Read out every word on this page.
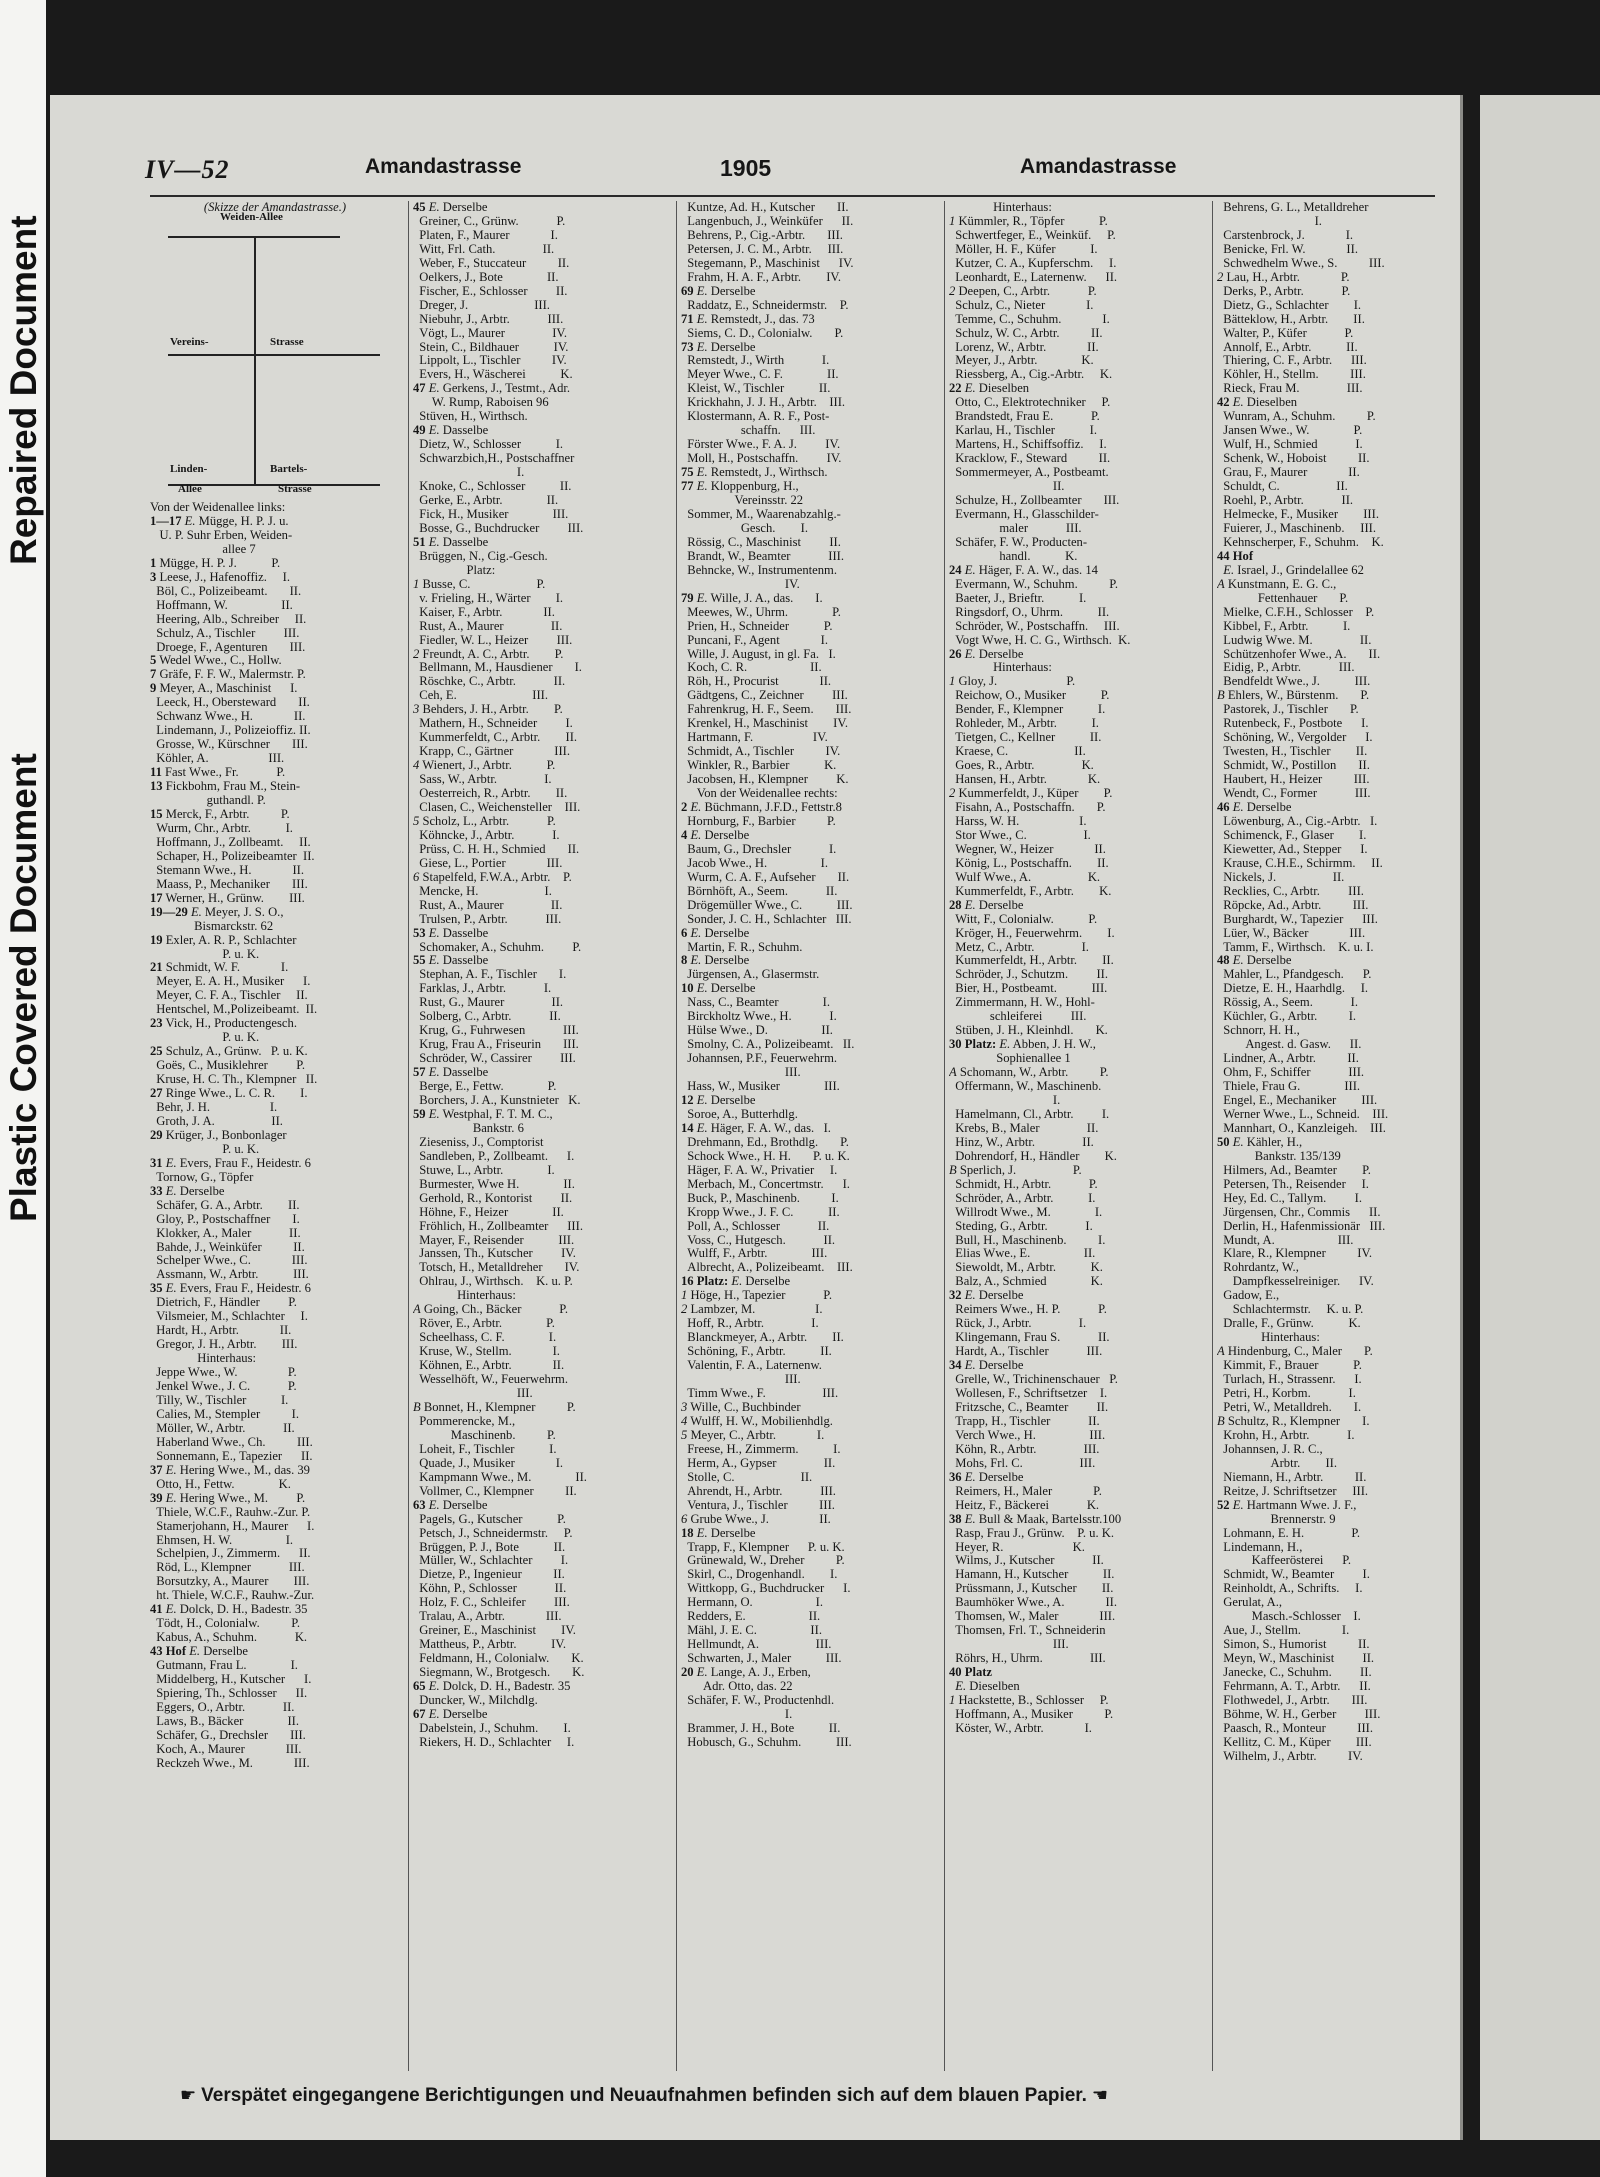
Repaired Document
Plastic Covered Document
IV—52	Amandastrasse	1905	Amandastrasse
(Skizze der Amandastrasse.)
Weiden-Allee
Vereins-	Strasse
Linden-	Bartels-
Allee	Strasse
Von der Weidenallee links:
1—17 E. Mügge, H. P. J. u.
U. P. Suhr Erben, Weiden-
allee 7
1 Mügge, H. P. J.           P.
3 Leese, J., Hafenoffiz.     I.
Böl, C., Polizeibeamt.       II.
Hoffmann, W.                 II.
Heering, Alb., Schreiber     II.
Schulz, A., Tischler         III.
Droege, F., Agenturen       III.
5 Wedel Wwe., C., Hollw.
7 Gräfe, F. F. W., Malermstr. P.
9 Meyer, A., Maschinist      I.
Leeck, H., Obersteward       II.
Schwanz Wwe., H.             II.
Lindemann, J., Polizeioffiz. II.
Grosse, W., Kürschner       III.
Köhler, A.                   III.
11 Fast Wwe., Fr.            P.
13 Fickbohm, Frau M., Stein-
guthandl. P.
15 Merck, F., Arbtr.          P.
Wurm, Chr., Arbtr.           I.
Hoffmann, J., Zollbeamt.     II.
Schaper, H., Polizeibeamter  II.
Stemann Wwe., H.             II.
Maass, P., Mechaniker       III.
17 Werner, H., Grünw.        III.
19—29 E. Meyer, J. S. O.,
Bismarckstr. 62
19 Exler, A. R. P., Schlachter
P. u. K.
21 Schmidt, W. F.             I.
Meyer, E. A. H., Musiker      I.
Meyer, C. F. A., Tischler     II.
Hentschel, M.,Polizeibeamt.  II.
23 Vick, H., Productengesch.
P. u. K.
25 Schulz, A., Grünw.   P. u. K.
Goës, C., Musiklehrer         P.
Kruse, H. C. Th., Klempner   II.
27 Ringe Wwe., L. C. R.        I.
Behr, J. H.                   I.
Groth, J. A.                  II.
29 Krüger, J., Bonbonlager
P. u. K.
31 E. Evers, Frau F., Heidestr. 6
Tornow, G., Töpfer
33 E. Derselbe
Schäfer, G. A., Arbtr.        II.
Gloy, P., Postschaffner       I.
Klokker, A., Maler            II.
Bahde, J., Weinküfer          II.
Schelper Wwe., C.             III.
Assmann, W., Arbtr.           III.
35 E. Evers, Frau F., Heidestr. 6
Dietrich, F., Händler         P.
Vilsmeier, M., Schlachter     I.
Hardt, H., Arbtr.             II.
Gregor, J. H., Arbtr.        III.
Hinterhaus:
Jeppe Wwe., W.                P.
Jenkel Wwe., J. C.            P.
Tilly, W., Tischler           I.
Calies, M., Stempler          I.
Möller, W., Arbtr.            II.
Haberland Wwe., Ch.          III.
Sonnemann, E., Tapezier      II.
37 E. Hering Wwe., M., das. 39
Otto, H., Fettw.              K.
39 E. Hering Wwe., M.         P.
Thiele, W.C.F., Rauhw.-Zur. P.
Stamerjohann, H., Maurer      I.
Ehmsen, H. W.                 I.
Schelpien, J., Zimmerm.      II.
Röd, L., Klempner            III.
Borsutzky, A., Maurer        III.
ht. Thiele, W.C.F., Rauhw.-Zur.
41 E. Dolck, D. H., Badestr. 35
Tödt, H., Colonialw.          P.
Kabus, A., Schuhm.            K.
43 Hof E. Derselbe
Gutmann, Frau L.              I.
Middelberg, H., Kutscher      I.
Spiering, Th., Schlosser      II.
Eggers, O., Arbtr.            II.
Laws, B., Bäcker              II.
Schäfer, G., Drechsler       III.
Koch, A., Maurer             III.
Reckzeh Wwe., M.             III.
45 E. Derselbe
Greiner, C., Grünw.            P.
Platen, F., Maurer             I.
Witt, Frl. Cath.               II.
Weber, F., Stuccateur          II.
Oelkers, J., Bote              II.
Fischer, E., Schlosser         II.
Dreger, J.                     III.
Niebuhr, J., Arbtr.            III.
Vögt, L., Maurer               IV.
Stein, C., Bildhauer           IV.
Lippolt, L., Tischler          IV.
Evers, H., Wäscherei           K.
47 E. Gerkens, J., Testmt., Adr.
W. Rump, Raboisen 96
Stüven, H., Wirthsch.
49 E. Dasselbe
Dietz, W., Schlosser           I.
Schwarzbich,H., Postschaffner
I.
Knoke, C., Schlosser           II.
Gerke, E., Arbtr.              II.
Fick, H., Musiker              III.
Bosse, G., Buchdrucker         III.
51 E. Dasselbe
Brüggen, N., Cig.-Gesch.
Platz:
1 Busse, C.                     P.
v. Frieling, H., Wärter        I.
Kaiser, F., Arbtr.             II.
Rust, A., Maurer               II.
Fiedler, W. L., Heizer         III.
2 Freundt, A. C., Arbtr.        P.
Bellmann, M., Hausdiener       I.
Röschke, C., Arbtr.            II.
Ceh, E.                        III.
3 Behders, J. H., Arbtr.        P.
Mathern, H., Schneider         I.
Kummerfeldt, C., Arbtr.        II.
Krapp, C., Gärtner             III.
4 Wienert, J., Arbtr.           P.
Sass, W., Arbtr.               I.
Oesterreich, R., Arbtr.        II.
Clasen, C., Weichensteller    III.
5 Scholz, L., Arbtr.            P.
Köhncke, J., Arbtr.            I.
Prüss, C. H. H., Schmied       II.
Giese, L., Portier             III.
6 Stapelfeld, F.W.A., Arbtr.    P.
Mencke, H.                     I.
Rust, A., Maurer               II.
Trulsen, P., Arbtr.            III.
53 E. Dasselbe
Schomaker, A., Schuhm.         P.
55 E. Dasselbe
Stephan, A. F., Tischler       I.
Farklas, J., Arbtr.            I.
Rust, G., Maurer               II.
Solberg, C., Arbtr.            II.
Krug, G., Fuhrwesen            III.
Krug, Frau A., Friseurin       III.
Schröder, W., Cassirer         III.
57 E. Dasselbe
Berge, E., Fettw.              P.
Borchers, J. A., Kunstnieter   K.
59 E. Westphal, F. T. M. C.,
Bankstr. 6
Zieseniss, J., Comptorist
Sandleben, P., Zollbeamt.      I.
Stuwe, L., Arbtr.              I.
Burmester, Wwe H.              II.
Gerhold, R., Kontorist         II.
Höhne, F., Heizer              II.
Fröhlich, H., Zollbeamter      III.
Mayer, F., Reisender           III.
Janssen, Th., Kutscher         IV.
Totsch, H., Metalldreher       IV.
Ohlrau, J., Wirthsch.    K. u. P.
Hinterhaus:
A Going, Ch., Bäcker            P.
Röver, E., Arbtr.              P.
Scheelhass, C. F.              I.
Kruse, W., Stellm.             I.
Köhnen, E., Arbtr.             II.
Wesselhöft, W., Feuerwehrm.
III.
B Bonnet, H., Klempner          P.
Pommerencke, M.,
Maschinenb.          P.
Loheit, F., Tischler           I.
Quade, J., Musiker             I.
Kampmann Wwe., M.              II.
Vollmer, C., Klempner          II.
63 E. Derselbe
Pagels, G., Kutscher           P.
Petsch, J., Schneidermstr.     P.
Brüggen, P. J., Bote           II.
Müller, W., Schlachter         I.
Dietze, P., Ingenieur          II.
Köhn, P., Schlosser            II.
Holz, F. C., Schleifer         III.
Tralau, A., Arbtr.             III.
Greiner, E., Maschinist        IV.
Mattheus, P., Arbtr.           IV.
Feldmann, H., Colonialw.       K.
Siegmann, W., Brotgesch.       K.
65 E. Dolck, D. H., Badestr. 35
Duncker, W., Milchdlg.
67 E. Derselbe
Dabelstein, J., Schuhm.        I.
Riekers, H. D., Schlachter     I.
Kuntze, Ad. H., Kutscher       II.
Langenbuch, J., Weinküfer      II.
Behrens, P., Cig.-Arbtr.       III.
Petersen, J. C. M., Arbtr.     III.
Stegemann, P., Maschinist      IV.
Frahm, H. A. F., Arbtr.        IV.
69 E. Derselbe
Raddatz, E., Schneidermstr.    P.
71 E. Remstedt, J., das. 73
Siems, C. D., Colonialw.       P.
73 E. Derselbe
Remstedt, J., Wirth            I.
Meyer Wwe., C. F.              II.
Kleist, W., Tischler           II.
Krickhahn, J. J. H., Arbtr.    III.
Klostermann, A. R. F., Post-
schaffn.      III.
Förster Wwe., F. A. J.         IV.
Moll, H., Postschaffn.         IV.
75 E. Remstedt, J., Wirthsch.
77 E. Kloppenburg, H.,
Vereinsstr. 22
Sommer, M., Waarenabzahlg.-
Gesch.        I.
Rössig, C., Maschinist         II.
Brandt, W., Beamter            III.
Behncke, W., Instrumentenm.
IV.
79 E. Wille, J. A., das.       I.
Meewes, W., Uhrm.              P.
Prien, H., Schneider           P.
Puncani, F., Agent             I.
Wille, J. August, in gl. Fa.   I.
Koch, C. R.                    II.
Röh, H., Procurist             II.
Gädtgens, C., Zeichner         III.
Fahrenkrug, H. F., Seem.       III.
Krenkel, H., Maschinist        IV.
Hartmann, F.                   IV.
Schmidt, A., Tischler          IV.
Winkler, R., Barbier           K.
Jacobsen, H., Klempner         K.
Von der Weidenallee rechts:
2 E. Büchmann, J.F.D., Fettstr.8
Hornburg, F., Barbier          P.
4 E. Derselbe
Baum, G., Drechsler            I.
Jacob Wwe., H.                 I.
Wurm, C. A. F., Aufseher       II.
Börnhöft, A., Seem.            II.
Drögemüller Wwe., C.           III.
Sonder, J. C. H., Schlachter   III.
6 E. Derselbe
Martin, F. R., Schuhm.
8 E. Derselbe
Jürgensen, A., Glasermstr.
10 E. Derselbe
Nass, C., Beamter              I.
Birckholtz Wwe., H.            I.
Hülse Wwe., D.                 II.
Smolny, C. A., Polizeibeamt.   II.
Johannsen, P.F., Feuerwehrm.
III.
Hass, W., Musiker              III.
12 E. Derselbe
Soroe, A., Butterhdlg.
14 E. Häger, F. A. W., das.   I.
Drehmann, Ed., Brothdlg.       P.
Schock Wwe., H. H.       P. u. K.
Häger, F. A. W., Privatier     I.
Merbach, M., Concertmstr.      I.
Buck, P., Maschinenb.          I.
Kropp Wwe., J. F. C.           II.
Poll, A., Schlosser            II.
Voss, C., Hutgesch.            II.
Wulff, F., Arbtr.              III.
Albrecht, A., Polizeibeamt.    III.
16 Platz: E. Derselbe
1 Höge, H., Tapezier            P.
2 Lambzer, M.                   I.
Hoff, R., Arbtr.               I.
Blanckmeyer, A., Arbtr.        II.
Schöning, F., Arbtr.           II.
Valentin, F. A., Laternenw.
III.
Timm Wwe., F.                  III.
3 Wille, C., Buchbinder
4 Wulff, H. W., Mobilienhdlg.
5 Meyer, C., Arbtr.             I.
Freese, H., Zimmerm.           I.
Herm, A., Gypser               II.
Stolle, C.                     II.
Ahrendt, H., Arbtr.            III.
Ventura, J., Tischler          III.
6 Grube Wwe., J.                II.
18 E. Derselbe
Trapp, F., Klempner      P. u. K.
Grünewald, W., Dreher          P.
Skirl, C., Drogenhandl.        I.
Wittkopp, G., Buchdrucker      I.
Hermann, O.                    I.
Redders, E.                    II.
Mähl, J. E. C.                 II.
Hellmundt, A.                  III.
Schwarten, J., Maler           III.
20 E. Lange, A. J., Erben,
Adr. Otto, das. 22
Schäfer, F. W., Productenhdl.
I.
Brammer, J. H., Bote           II.
Hobusch, G., Schuhm.           III.
Hinterhaus:
1 Kümmler, R., Töpfer           P.
Schwertfeger, E., Weinküf.     P.
Möller, H. F., Küfer           I.
Kutzer, C. A., Kupferschm.     I.
Leonhardt, E., Laternenw.      II.
2 Deepen, C., Arbtr.            P.
Schulz, C., Nieter             I.
Temme, C., Schuhm.             I.
Schulz, W. C., Arbtr.          II.
Lorenz, W., Arbtr.             II.
Meyer, J., Arbtr.              K.
Riessberg, A., Cig.-Arbtr.     K.
22 E. Dieselben
Otto, C., Elektrotechniker     P.
Brandstedt, Frau E.            P.
Karlau, H., Tischler           I.
Martens, H., Schiffsoffiz.     I.
Kracklow, F., Steward          II.
Sommermeyer, A., Postbeamt.
II.
Schulze, H., Zollbeamter       III.
Evermann, H., Glasschilder-
maler            III.
Schäfer, F. W., Producten-
handl.           K.
24 E. Häger, F. A. W., das. 14
Evermann, W., Schuhm.          P.
Baeter, J., Brieftr.           I.
Ringsdorf, O., Uhrm.           II.
Schröder, W., Postschaffn.     III.
Vogt Wwe, H. C. G., Wirthsch.  K.
26 E. Derselbe
Hinterhaus:
1 Gloy, J.                      P.
Reichow, O., Musiker           P.
Bender, F., Klempner           I.
Rohleder, M., Arbtr.           I.
Tietgen, C., Kellner           II.
Kraese, C.                     II.
Goes, R., Arbtr.               K.
Hansen, H., Arbtr.             K.
2 Kummerfeldt, J., Küper        P.
Fisahn, A., Postschaffn.       P.
Harss, W. H.                   I.
Stor Wwe., C.                  I.
Wegner, W., Heizer             II.
König, L., Postschaffn.        II.
Wulf Wwe., A.                  K.
Kummerfeldt, F., Arbtr.        K.
28 E. Derselbe
Witt, F., Colonialw.           P.
Kröger, H., Feuerwehrm.        I.
Metz, C., Arbtr.               I.
Kummerfeldt, H., Arbtr.        II.
Schröder, J., Schutzm.         II.
Bier, H., Postbeamt.           III.
Zimmermann, H. W., Hohl-
schleiferei         III.
Stüben, J. H., Kleinhdl.       K.
30 Platz: E. Abben, J. H. W.,
Sophienallee 1
A Schomann, W., Arbtr.          P.
Offermann, W., Maschinenb.
I.
Hamelmann, Cl., Arbtr.         I.
Krebs, B., Maler               II.
Hinz, W., Arbtr.               II.
Dohrendorf, H., Händler        K.
B Sperlich, J.                  P.
Schmidt, H., Arbtr.            P.
Schröder, A., Arbtr.           I.
Willrodt Wwe., M.              I.
Steding, G., Arbtr.            I.
Bull, H., Maschinenb.          I.
Elias Wwe., E.                 II.
Siewoldt, M., Arbtr.           K.
Balz, A., Schmied              K.
32 E. Derselbe
Reimers Wwe., H. P.            P.
Rück, J., Arbtr.               I.
Klingemann, Frau S.            II.
Hardt, A., Tischler            III.
34 E. Derselbe
Grelle, W., Trichinenschauer   P.
Wollesen, F., Schriftsetzer    I.
Fritzsche, C., Beamter         II.
Trapp, H., Tischler            II.
Verch Wwe., H.                 III.
Köhn, R., Arbtr.               III.
Mohs, Frl. C.                  III.
36 E. Derselbe
Reimers, H., Maler             P.
Heitz, F., Bäckerei            K.
38 E. Bull & Maak, Bartelsstr.100
Rasp, Frau J., Grünw.    P. u. K.
Heyer, R.                      K.
Wilms, J., Kutscher            II.
Hamann, H., Kutscher           II.
Prüssmann, J., Kutscher        II.
Baumhöker Wwe., A.             II.
Thomsen, W., Maler             III.
Thomsen, Frl. T., Schneiderin
III.
Röhrs, H., Uhrm.               III.
40 Platz
E. Dieselben
1 Hackstette, B., Schlosser     P.
Hoffmann, A., Musiker          P.
Köster, W., Arbtr.             I.
Behrens, G. L., Metalldreher
I.
Carstenbrock, J.             I.
Benicke, Frl. W.             II.
Schwedhelm Wwe., S.          III.
2 Lau, H., Arbtr.             P.
Derks, P., Arbtr.            P.
Dietz, G., Schlachter        I.
Bätteklow, H., Arbtr.        II.
Walter, P., Küfer            P.
Annolf, E., Arbtr.           II.
Thiering, C. F., Arbtr.      III.
Köhler, H., Stellm.          III.
Rieck, Frau M.               III.
42 E. Dieselben
Wunram, A., Schuhm.          P.
Jansen Wwe., W.              P.
Wulf, H., Schmied            I.
Schenk, W., Hoboist          II.
Grau, F., Maurer             II.
Schuldt, C.                  II.
Roehl, P., Arbtr.            II.
Helmecke, F., Musiker        III.
Fuierer, J., Maschinenb.     III.
Kehnscherper, F., Schuhm.    K.
44 Hof
E. Israel, J., Grindelallee 62
A Kunstmann, E. G. C.,
Fettenhauer       P.
Mielke, C.F.H., Schlosser    P.
Kibbel, F., Arbtr.           I.
Ludwig Wwe. M.               II.
Schützenhofer Wwe., A.       II.
Eidig, P., Arbtr.            III.
Bendfeldt Wwe., J.           III.
B Ehlers, W., Bürstenm.       P.
Pastorek, J., Tischler       P.
Rutenbeck, F., Postbote      I.
Schöning, W., Vergolder      I.
Twesten, H., Tischler        II.
Schmidt, W., Postillon       II.
Haubert, H., Heizer          III.
Wendt, C., Former            III.
46 E. Derselbe
Löwenburg, A., Cig.-Arbtr.   I.
Schimenck, F., Glaser        I.
Kiewetter, Ad., Stepper      I.
Krause, C.H.E., Schirmm.     II.
Nickels, J.                  II.
Recklies, C., Arbtr.         III.
Röpcke, Ad., Arbtr.          III.
Burghardt, W., Tapezier      III.
Lüer, W., Bäcker             III.
Tamm, F., Wirthsch.    K. u. I.
48 E. Derselbe
Mahler, L., Pfandgesch.      P.
Dietze, E. H., Haarhdlg.     I.
Rössig, A., Seem.            I.
Küchler, G., Arbtr.          I.
Schnorr, H. H.,
Angest. d. Gasw.      II.
Lindner, A., Arbtr.          II.
Ohm, F., Schiffer            III.
Thiele, Frau G.              III.
Engel, E., Mechaniker        III.
Werner Wwe., L., Schneid.    III.
Mannhart, O., Kanzleigeh.    III.
50 E. Kähler, H.,
Bankstr. 135/139
Hilmers, Ad., Beamter        P.
Petersen, Th., Reisender     I.
Hey, Ed. C., Tallym.         I.
Jürgensen, Chr., Commis      II.
Derlin, H., Hafenmissionär   III.
Mundt, A.                    III.
Klare, R., Klempner          IV.
Rohrdantz, W.,
Dampfkesselreiniger.      IV.
Gadow, E.,
Schlachtermstr.     K. u. P.
Dralle, F., Grünw.           K.
Hinterhaus:
A Hindenburg, C., Maler       P.
Kimmit, F., Brauer           P.
Turlach, H., Strassenr.      I.
Petri, H., Korbm.            I.
Petri, W., Metalldreh.       I.
B Schultz, R., Klempner       I.
Krohn, H., Arbtr.            I.
Johannsen, J. R. C.,
Arbtr.        II.
Niemann, H., Arbtr.          II.
Reitze, J. Schriftsetzer     III.
52 E. Hartmann Wwe. J. F.,
Brennerstr. 9
Lohmann, E. H.               P.
Lindemann, H.,
Kaffeerösterei      P.
Schmidt, W., Beamter         I.
Reinholdt, A., Schrifts.     I.
Gerulat, A.,
Masch.-Schlosser    I.
Aue, J., Stellm.             I.
Simon, S., Humorist          II.
Meyn, W., Maschinist         II.
Janecke, C., Schuhm.         II.
Fehrmann, A. T., Arbtr.      II.
Flothwedel, J., Arbtr.       III.
Böhme, W. H., Gerber         III.
Paasch, R., Monteur          III.
Kellitz, C. M., Küper        III.
Wilhelm, J., Arbtr.          IV.
☛ Verspätet eingegangene Berichtigungen und Neuaufnahmen befinden sich auf dem blauen Papier. ☚
